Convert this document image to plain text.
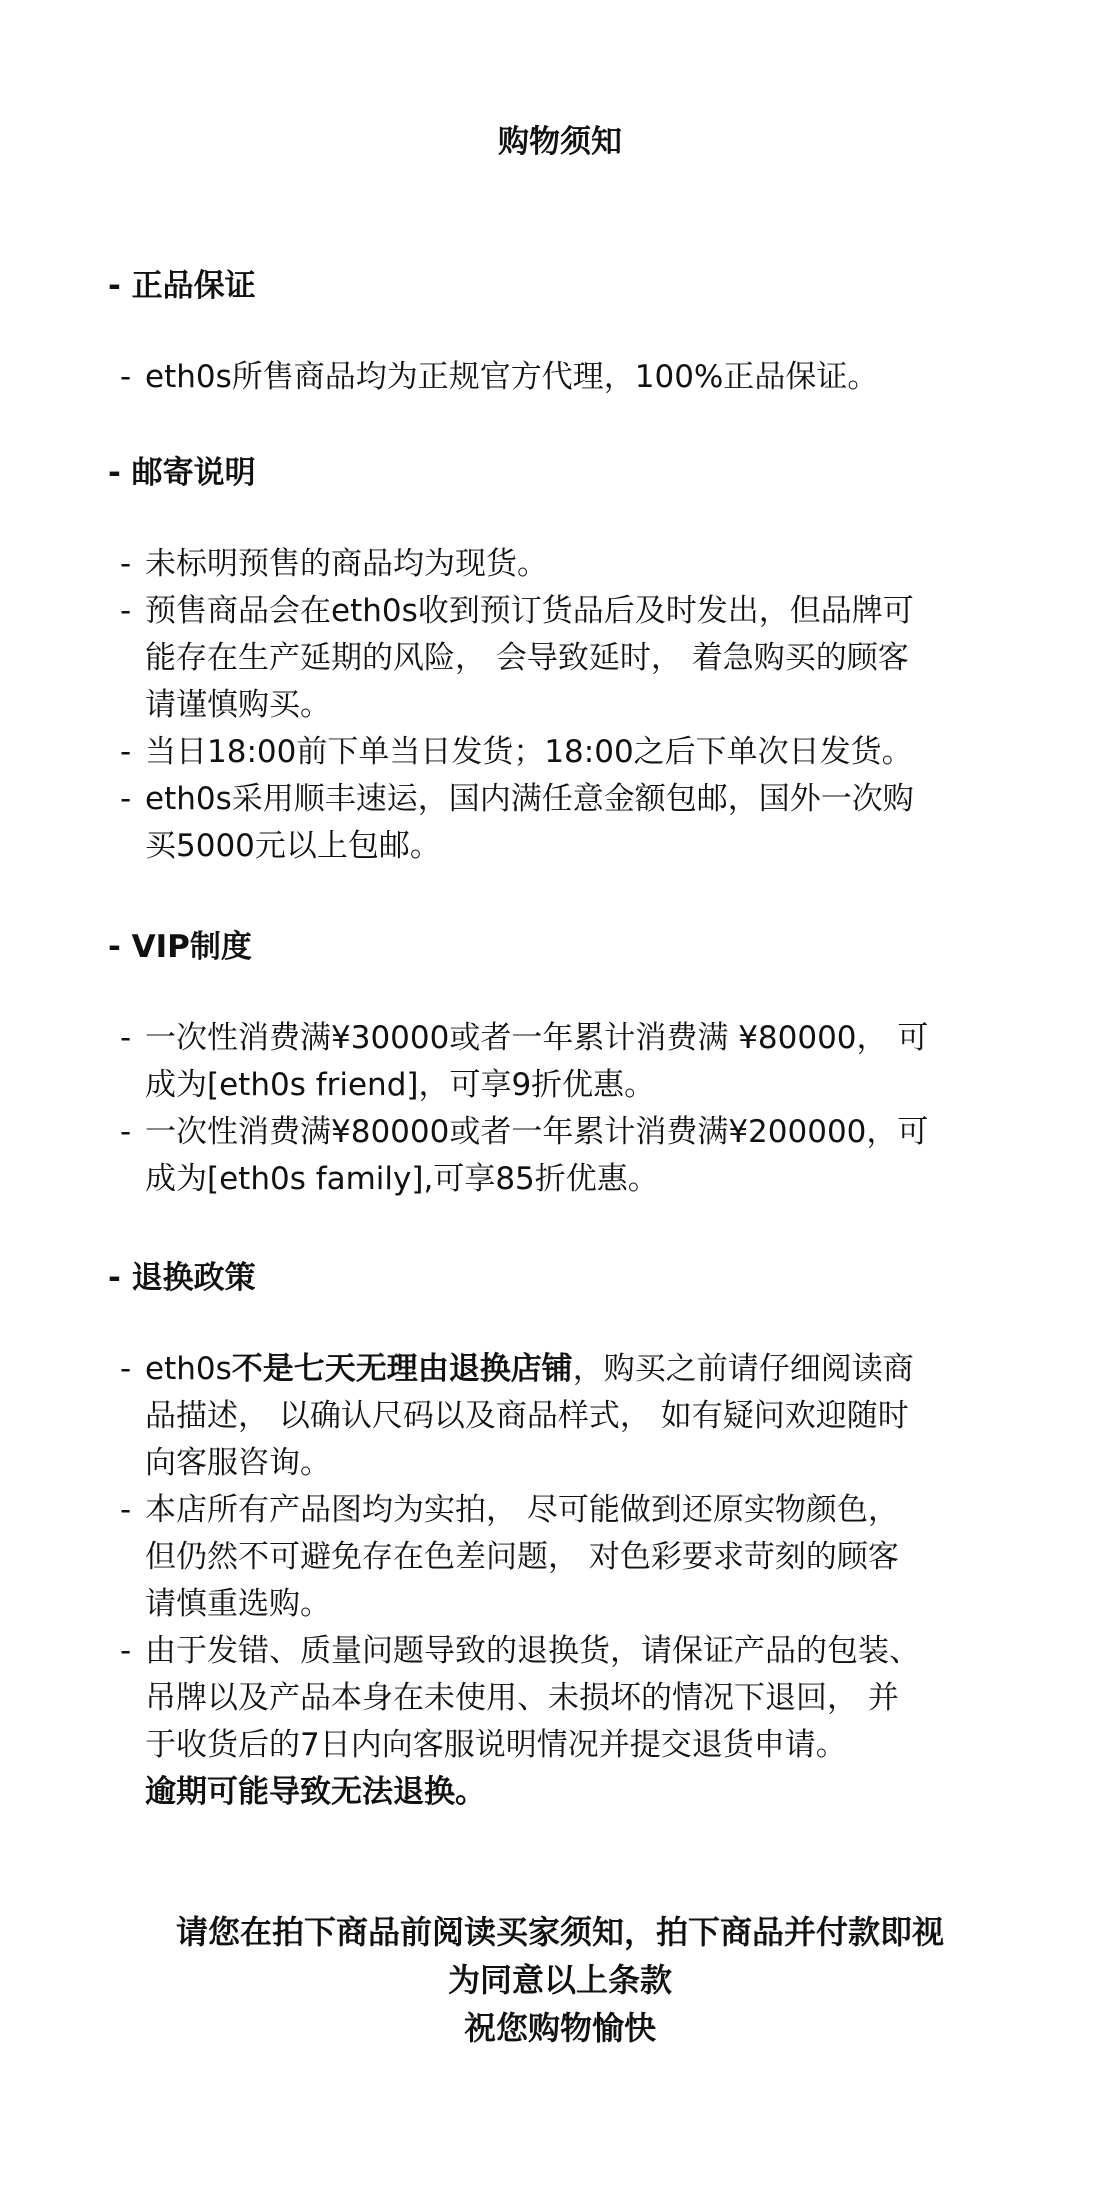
购物须知
- 正品保证
- eth0s所售商品均为正规官方代理，100%正品保证。
- 邮寄说明
- 未标明预售的商品均为现货。
- 预售商品会在eth0s收到预订货品后及时发出，但品牌可
能存在生产延期的风险， 会导致延时， 着急购买的顾客
请谨慎购买。
- 当日18:00前下单当日发货；18:00之后下单次日发货。
- eth0s采用顺丰速运，国内满任意金额包邮，国外一次购
买5000元以上包邮。
- VIP制度
- 一次性消费满¥30000或者一年累计消费满 ¥80000， 可
成为[eth0s friend]，可享9折优惠。
- 一次性消费满¥80000或者一年累计消费满¥200000，可
成为[eth0s family],可享85折优惠。
- 退换政策
- eth0s不是七天无理由退换店铺，购买之前请仔细阅读商
品描述， 以确认尺码以及商品样式， 如有疑问欢迎随时
向客服咨询。
- 本店所有产品图均为实拍， 尽可能做到还原实物颜色，
但仍然不可避免存在色差问题， 对色彩要求苛刻的顾客
请慎重选购。
- 由于发错、质量问题导致的退换货，请保证产品的包装、
吊牌以及产品本身在未使用、未损坏的情况下退回， 并
于收货后的7日内向客服说明情况并提交退货申请。
逾期可能导致无法退换。
请您在拍下商品前阅读买家须知，拍下商品并付款即视
为同意以上条款
祝您购物愉快
